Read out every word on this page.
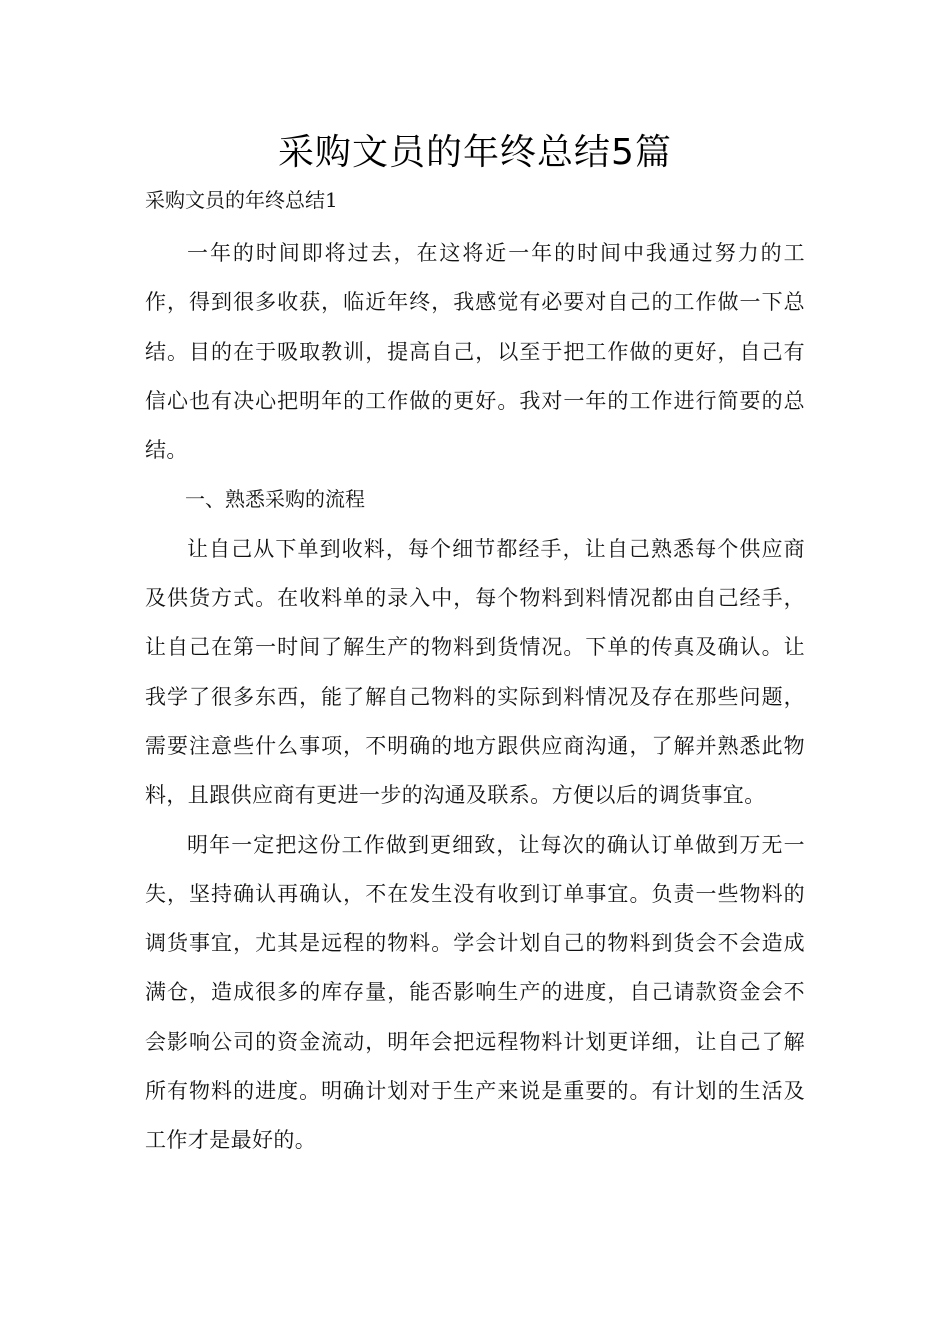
采购文员的年终总结5篇
采购文员的年终总结1

一年的时间即将过去，在这将近一年的时间中我通过努力的工作，得到很多收获，临近年终，我感觉有必要对自己的工作做一下总结。目的在于吸取教训，提高自己，以至于把工作做的更好，自己有信心也有决心把明年的工作做的更好。我对一年的工作进行简要的总结。

一、熟悉采购的流程

让自己从下单到收料，每个细节都经手，让自己熟悉每个供应商及供货方式。在收料单的录入中，每个物料到料情况都由自己经手，让自己在第一时间了解生产的物料到货情况。下单的传真及确认。让我学了很多东西，能了解自己物料的实际到料情况及存在那些问题，需要注意些什么事项，不明确的地方跟供应商沟通，了解并熟悉此物料，且跟供应商有更进一步的沟通及联系。方便以后的调货事宜。

明年一定把这份工作做到更细致，让每次的确认订单做到万无一失，坚持确认再确认，不在发生没有收到订单事宜。负责一些物料的调货事宜，尤其是远程的物料。学会计划自己的物料到货会不会造成满仓，造成很多的库存量，能否影响生产的进度，自己请款资金会不会影响公司的资金流动，明年会把远程物料计划更详细，让自己了解所有物料的进度。明确计划对于生产来说是重要的。有计划的生活及工作才是最好的。
